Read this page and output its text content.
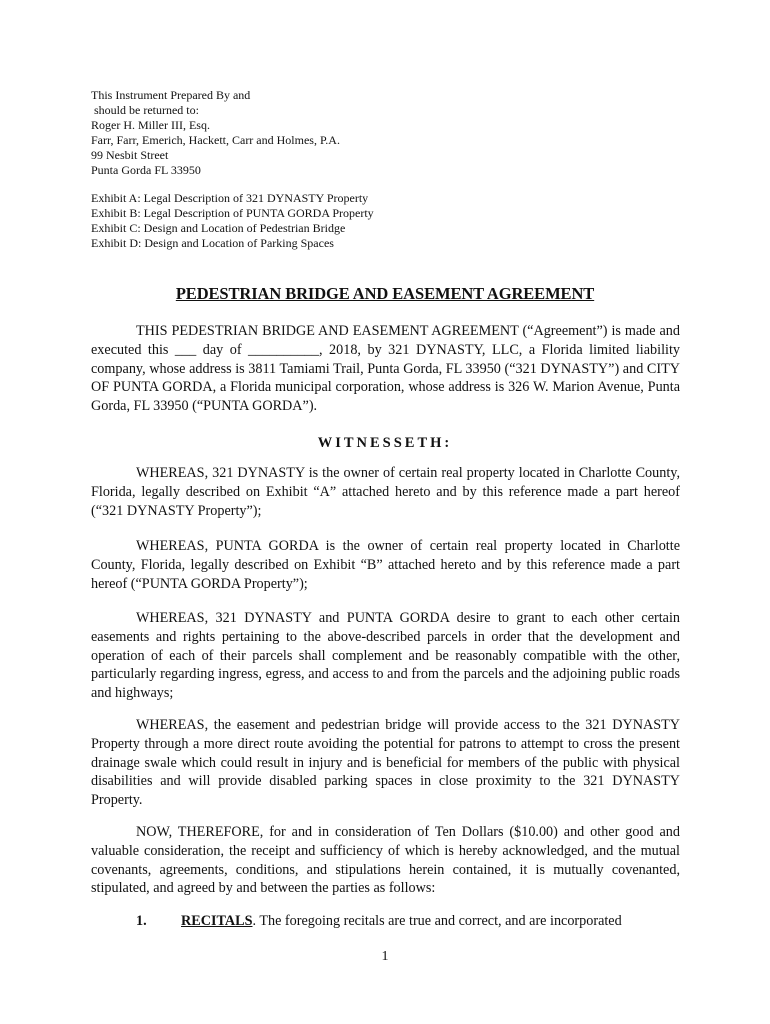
This Instrument Prepared By and
should be returned to:
Roger H. Miller III, Esq.
Farr, Farr, Emerich, Hackett, Carr and Holmes, P.A.
99 Nesbit Street
Punta Gorda FL 33950
Exhibit A: Legal Description of 321 DYNASTY Property
Exhibit B: Legal Description of PUNTA GORDA Property
Exhibit C: Design and Location of Pedestrian Bridge
Exhibit D: Design and Location of Parking Spaces
PEDESTRIAN BRIDGE AND EASEMENT AGREEMENT

THIS PEDESTRIAN BRIDGE AND EASEMENT AGREEMENT (“Agreement”) is made and executed this ___ day of __________, 2018, by 321 DYNASTY, LLC, a Florida limited liability company, whose address is 3811 Tamiami Trail, Punta Gorda, FL 33950 (“321 DYNASTY”) and CITY OF PUNTA GORDA, a Florida municipal corporation, whose address is 326 W. Marion Avenue, Punta Gorda, FL 33950 (“PUNTA GORDA”).

WITNESSETH:

WHEREAS, 321 DYNASTY is the owner of certain real property located in Charlotte County, Florida, legally described on Exhibit “A” attached hereto and by this reference made a part hereof (“321 DYNASTY Property”);

WHEREAS, PUNTA GORDA is the owner of certain real property located in Charlotte County, Florida, legally described on Exhibit “B” attached hereto and by this reference made a part hereof (“PUNTA GORDA Property”);

WHEREAS, 321 DYNASTY and PUNTA GORDA desire to grant to each other certain easements and rights pertaining to the above-described parcels in order that the development and operation of each of their parcels shall complement and be reasonably compatible with the other, particularly regarding ingress, egress, and access to and from the parcels and the adjoining public roads and highways;

WHEREAS, the easement and pedestrian bridge will provide access to the 321 DYNASTY Property through a more direct route avoiding the potential for patrons to attempt to cross the present drainage swale which could result in injury and is beneficial for members of the public with physical disabilities and will provide disabled parking spaces in close proximity to the 321 DYNASTY Property.

NOW, THEREFORE, for and in consideration of Ten Dollars ($10.00) and other good and valuable consideration, the receipt and sufficiency of which is hereby acknowledged, and the mutual covenants, agreements, conditions, and stipulations herein contained, it is mutually covenanted, stipulated, and agreed by and between the parties as follows:

1. RECITALS. The foregoing recitals are true and correct, and are incorporated
1
